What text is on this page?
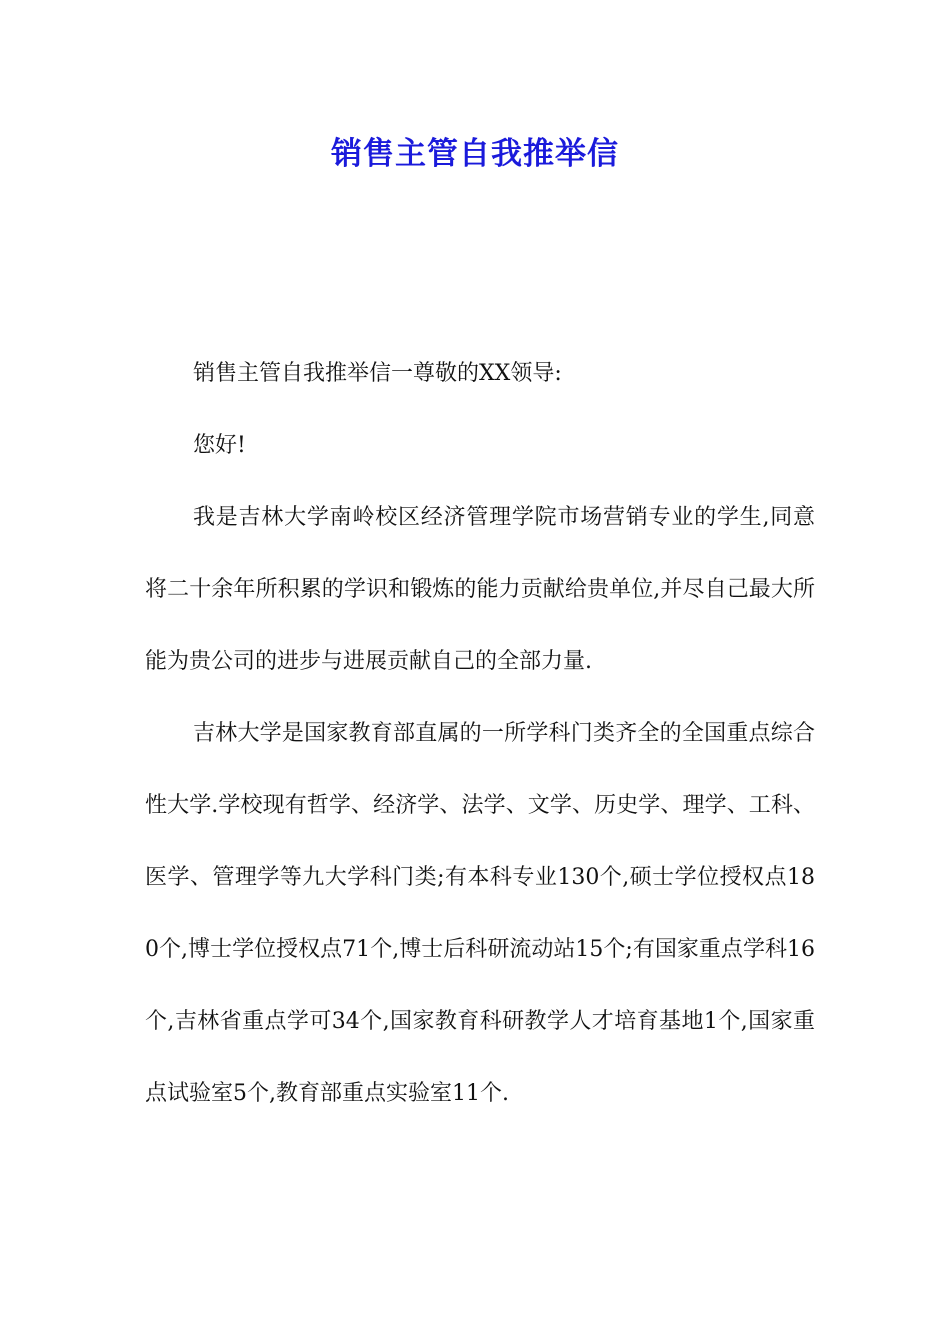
销售主管自我推举信

销售主管自我推举信一尊敬的XX领导:

您好!

我是吉林大学南岭校区经济管理学院市场营销专业的学生,同意将二十余年所积累的学识和锻炼的能力贡献给贵单位,并尽自己最大所能为贵公司的进步与进展贡献自己的全部力量.

吉林大学是国家教育部直属的一所学科门类齐全的全国重点综合性大学.学校现有哲学、经济学、法学、文学、历史学、理学、工科、医学、管理学等九大学科门类;有本科专业130个,硕士学位授权点180个,博士学位授权点71个,博士后科研流动站15个;有国家重点学科16个,吉林省重点学可34个,国家教育科研教学人才培育基地1个,国家重点试验室5个,教育部重点实验室11个.
